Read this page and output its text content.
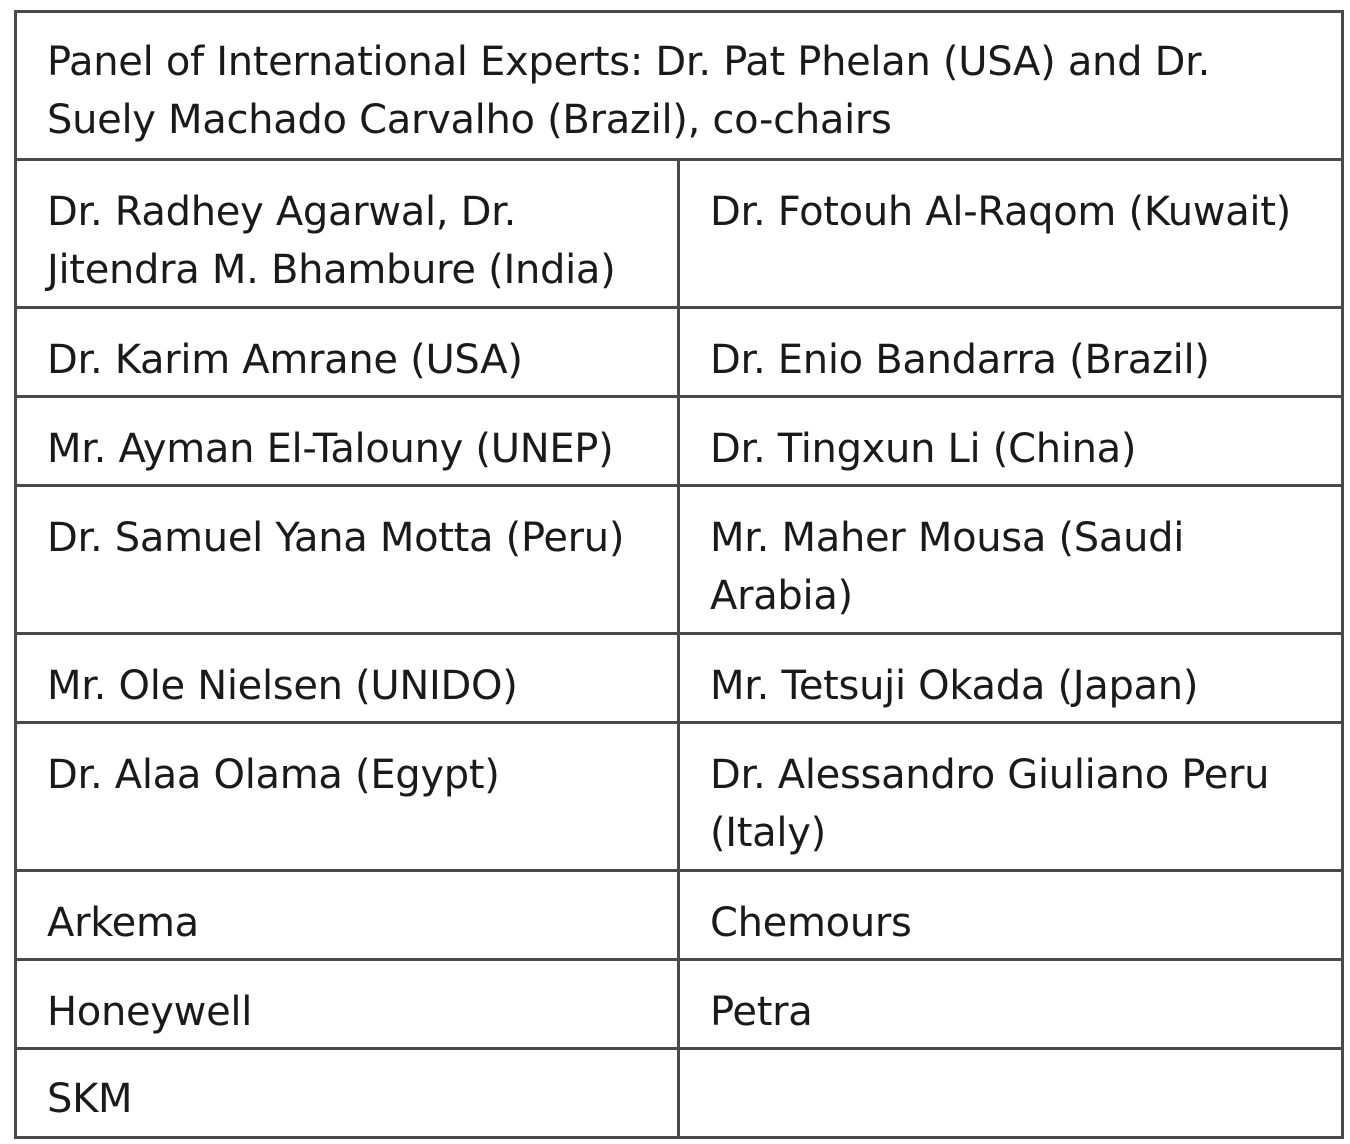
Panel of International Experts: Dr. Pat Phelan (USA) and Dr. Suely Machado Carvalho (Brazil), co-chairs	
Dr. Radhey Agarwal, Dr. Jitendra M. Bhambure (India)	Dr. Fotouh Al-Raqom (Kuwait)
Dr. Karim Amrane (USA)	Dr. Enio Bandarra (Brazil)
Mr. Ayman El-Talouny (UNEP)	Dr. Tingxun Li (China)
Dr. Samuel Yana Motta (Peru)	Mr. Maher Mousa (Saudi Arabia)
Mr. Ole Nielsen (UNIDO)	Mr. Tetsuji Okada (Japan)
Dr. Alaa Olama (Egypt)	Dr. Alessandro Giuliano Peru (Italy)
Arkema	Chemours
Honeywell	Petra
SKM	
